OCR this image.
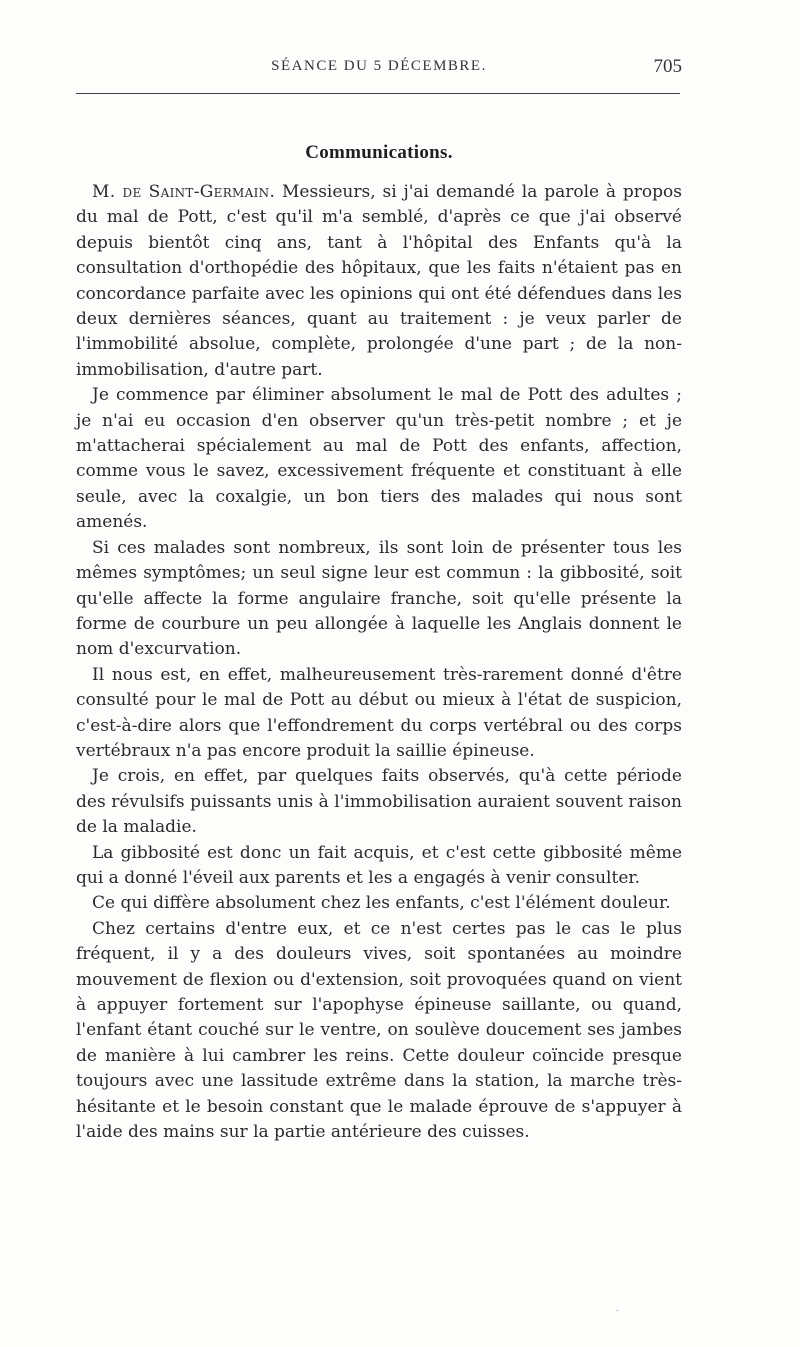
SÉANCE DU 5 DÉCEMBRE.	705
Communications.

M. de Saint-Germain. Messieurs, si j'ai demandé la parole à propos du mal de Pott, c'est qu'il m'a semblé, d'après ce que j'ai observé depuis bientôt cinq ans, tant à l'hôpital des Enfants qu'à la consultation d'orthopédie des hôpitaux, que les faits n'étaient pas en concordance parfaite avec les opinions qui ont été défendues dans les deux dernières séances, quant au traitement : je veux parler de l'immobilité absolue, complète, prolongée d'une part ; de la non-immobilisation, d'autre part.

Je commence par éliminer absolument le mal de Pott des adultes ; je n'ai eu occasion d'en observer qu'un très-petit nombre ; et je m'attacherai spécialement au mal de Pott des enfants, affection, comme vous le savez, excessivement fréquente et constituant à elle seule, avec la coxalgie, un bon tiers des malades qui nous sont amenés.

Si ces malades sont nombreux, ils sont loin de présenter tous les mêmes symptômes; un seul signe leur est commun : la gibbosité, soit qu'elle affecte la forme angulaire franche, soit qu'elle présente la forme de courbure un peu allongée à laquelle les Anglais donnent le nom d'excurvation.

Il nous est, en effet, malheureusement très-rarement donné d'être consulté pour le mal de Pott au début ou mieux à l'état de suspicion, c'est-à-dire alors que l'effondrement du corps vertébral ou des corps vertébraux n'a pas encore produit la saillie épineuse.

Je crois, en effet, par quelques faits observés, qu'à cette période des révulsifs puissants unis à l'immobilisation auraient souvent raison de la maladie.

La gibbosité est donc un fait acquis, et c'est cette gibbosité même qui a donné l'éveil aux parents et les a engagés à venir consulter.

Ce qui diffère absolument chez les enfants, c'est l'élément douleur.

Chez certains d'entre eux, et ce n'est certes pas le cas le plus fréquent, il y a des douleurs vives, soit spontanées au moindre mouvement de flexion ou d'extension, soit provoquées quand on vient à appuyer fortement sur l'apophyse épineuse saillante, ou quand, l'enfant étant couché sur le ventre, on soulève doucement ses jambes de manière à lui cambrer les reins. Cette douleur coïncide presque toujours avec une lassitude extrême dans la station, la marche très-hésitante et le besoin constant que le malade éprouve de s'appuyer à l'aide des mains sur la partie antérieure des cuisses.
